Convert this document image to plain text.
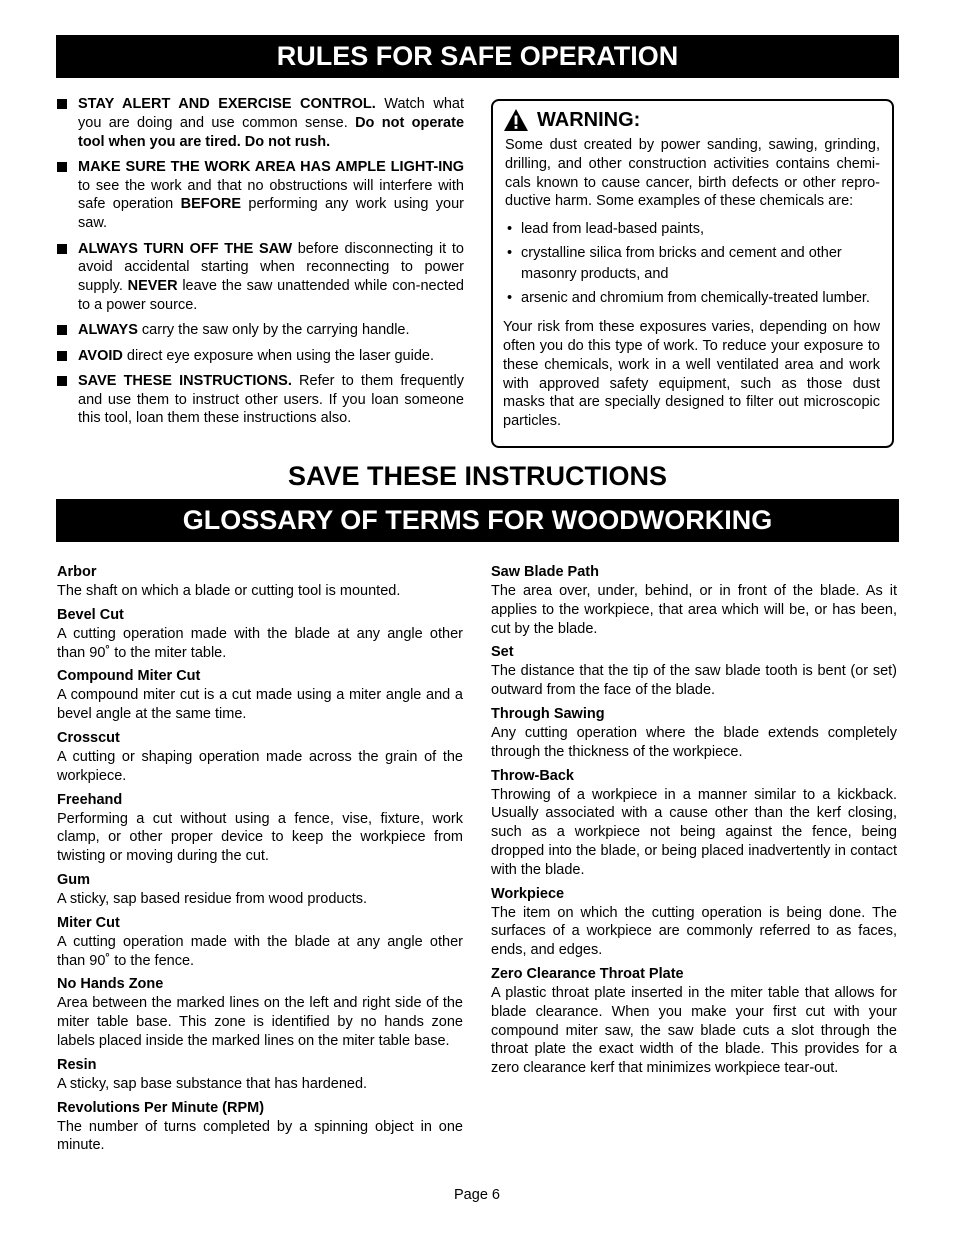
RULES FOR SAFE OPERATION
STAY ALERT AND EXERCISE CONTROL. Watch what you are doing and use common sense. Do not operate tool when you are tired. Do not rush.
MAKE SURE THE WORK AREA HAS AMPLE LIGHT-ING to see the work and that no obstructions will interfere with safe operation BEFORE performing any work using your saw.
ALWAYS TURN OFF THE SAW before disconnecting it to avoid accidental starting when reconnecting to power supply. NEVER leave the saw unattended while con-nected to a power source.
ALWAYS carry the saw only by the carrying handle.
AVOID direct eye exposure when using the laser guide.
SAVE THESE INSTRUCTIONS. Refer to them frequently and use them to instruct other users. If you loan someone this tool, loan them these instructions also.
WARNING:

Some dust created by power sanding, sawing, grinding, drilling, and other construction activities contains chemi-cals known to cause cancer, birth defects or other repro-ductive harm. Some examples of these chemicals are:

• lead from lead-based paints,
• crystalline silica from bricks and cement and other masonry products, and
• arsenic and chromium from chemically-treated lumber.

Your risk from these exposures varies, depending on how often you do this type of work. To reduce your exposure to these chemicals, work in a well ventilated area and work with approved safety equipment, such as those dust masks that are specially designed to filter out microscopic particles.

SAVE THESE INSTRUCTIONS
GLOSSARY OF TERMS FOR WOODWORKING
Arbor
The shaft on which a blade or cutting tool is mounted.
Bevel Cut
A cutting operation made with the blade at any angle other than 90˚ to the miter table.
Compound Miter Cut
A compound miter cut is a cut made using a miter angle and a bevel angle at the same time.
Crosscut
A cutting or shaping operation made across the grain of the workpiece.
Freehand
Performing a cut without using a fence, vise, fixture, work clamp, or other proper device to keep the workpiece from twisting or moving during the cut.
Gum
A sticky, sap based residue from wood products.
Miter Cut
A cutting operation made with the blade at any angle other than 90˚ to the fence.
No Hands Zone
Area between the marked lines on the left and right side of the miter table base. This zone is identified by no hands zone labels placed inside the marked lines on the miter table base.
Resin
A sticky, sap base substance that has hardened.
Revolutions Per Minute (RPM)
The number of turns completed by a spinning object in one minute.
Saw Blade Path
The area over, under, behind, or in front of the blade. As it applies to the workpiece, that area which will be, or has been, cut by the blade.
Set
The distance that the tip of the saw blade tooth is bent (or set) outward from the face of the blade.
Through Sawing
Any cutting operation where the blade extends completely through the thickness of the workpiece.
Throw-Back
Throwing of a workpiece in a manner similar to a kickback. Usually associated with a cause other than the kerf closing, such as a workpiece not being against the fence, being dropped into the blade, or being placed inadvertently in contact with the blade.
Workpiece
The item on which the cutting operation is being done. The surfaces of a workpiece are commonly referred to as faces, ends, and edges.
Zero Clearance Throat Plate
A plastic throat plate inserted in the miter table that allows for blade clearance. When you make your first cut with your compound miter saw, the saw blade cuts a slot through the throat plate the exact width of the blade. This provides for a zero clearance kerf that minimizes workpiece tear-out.
Page 6
